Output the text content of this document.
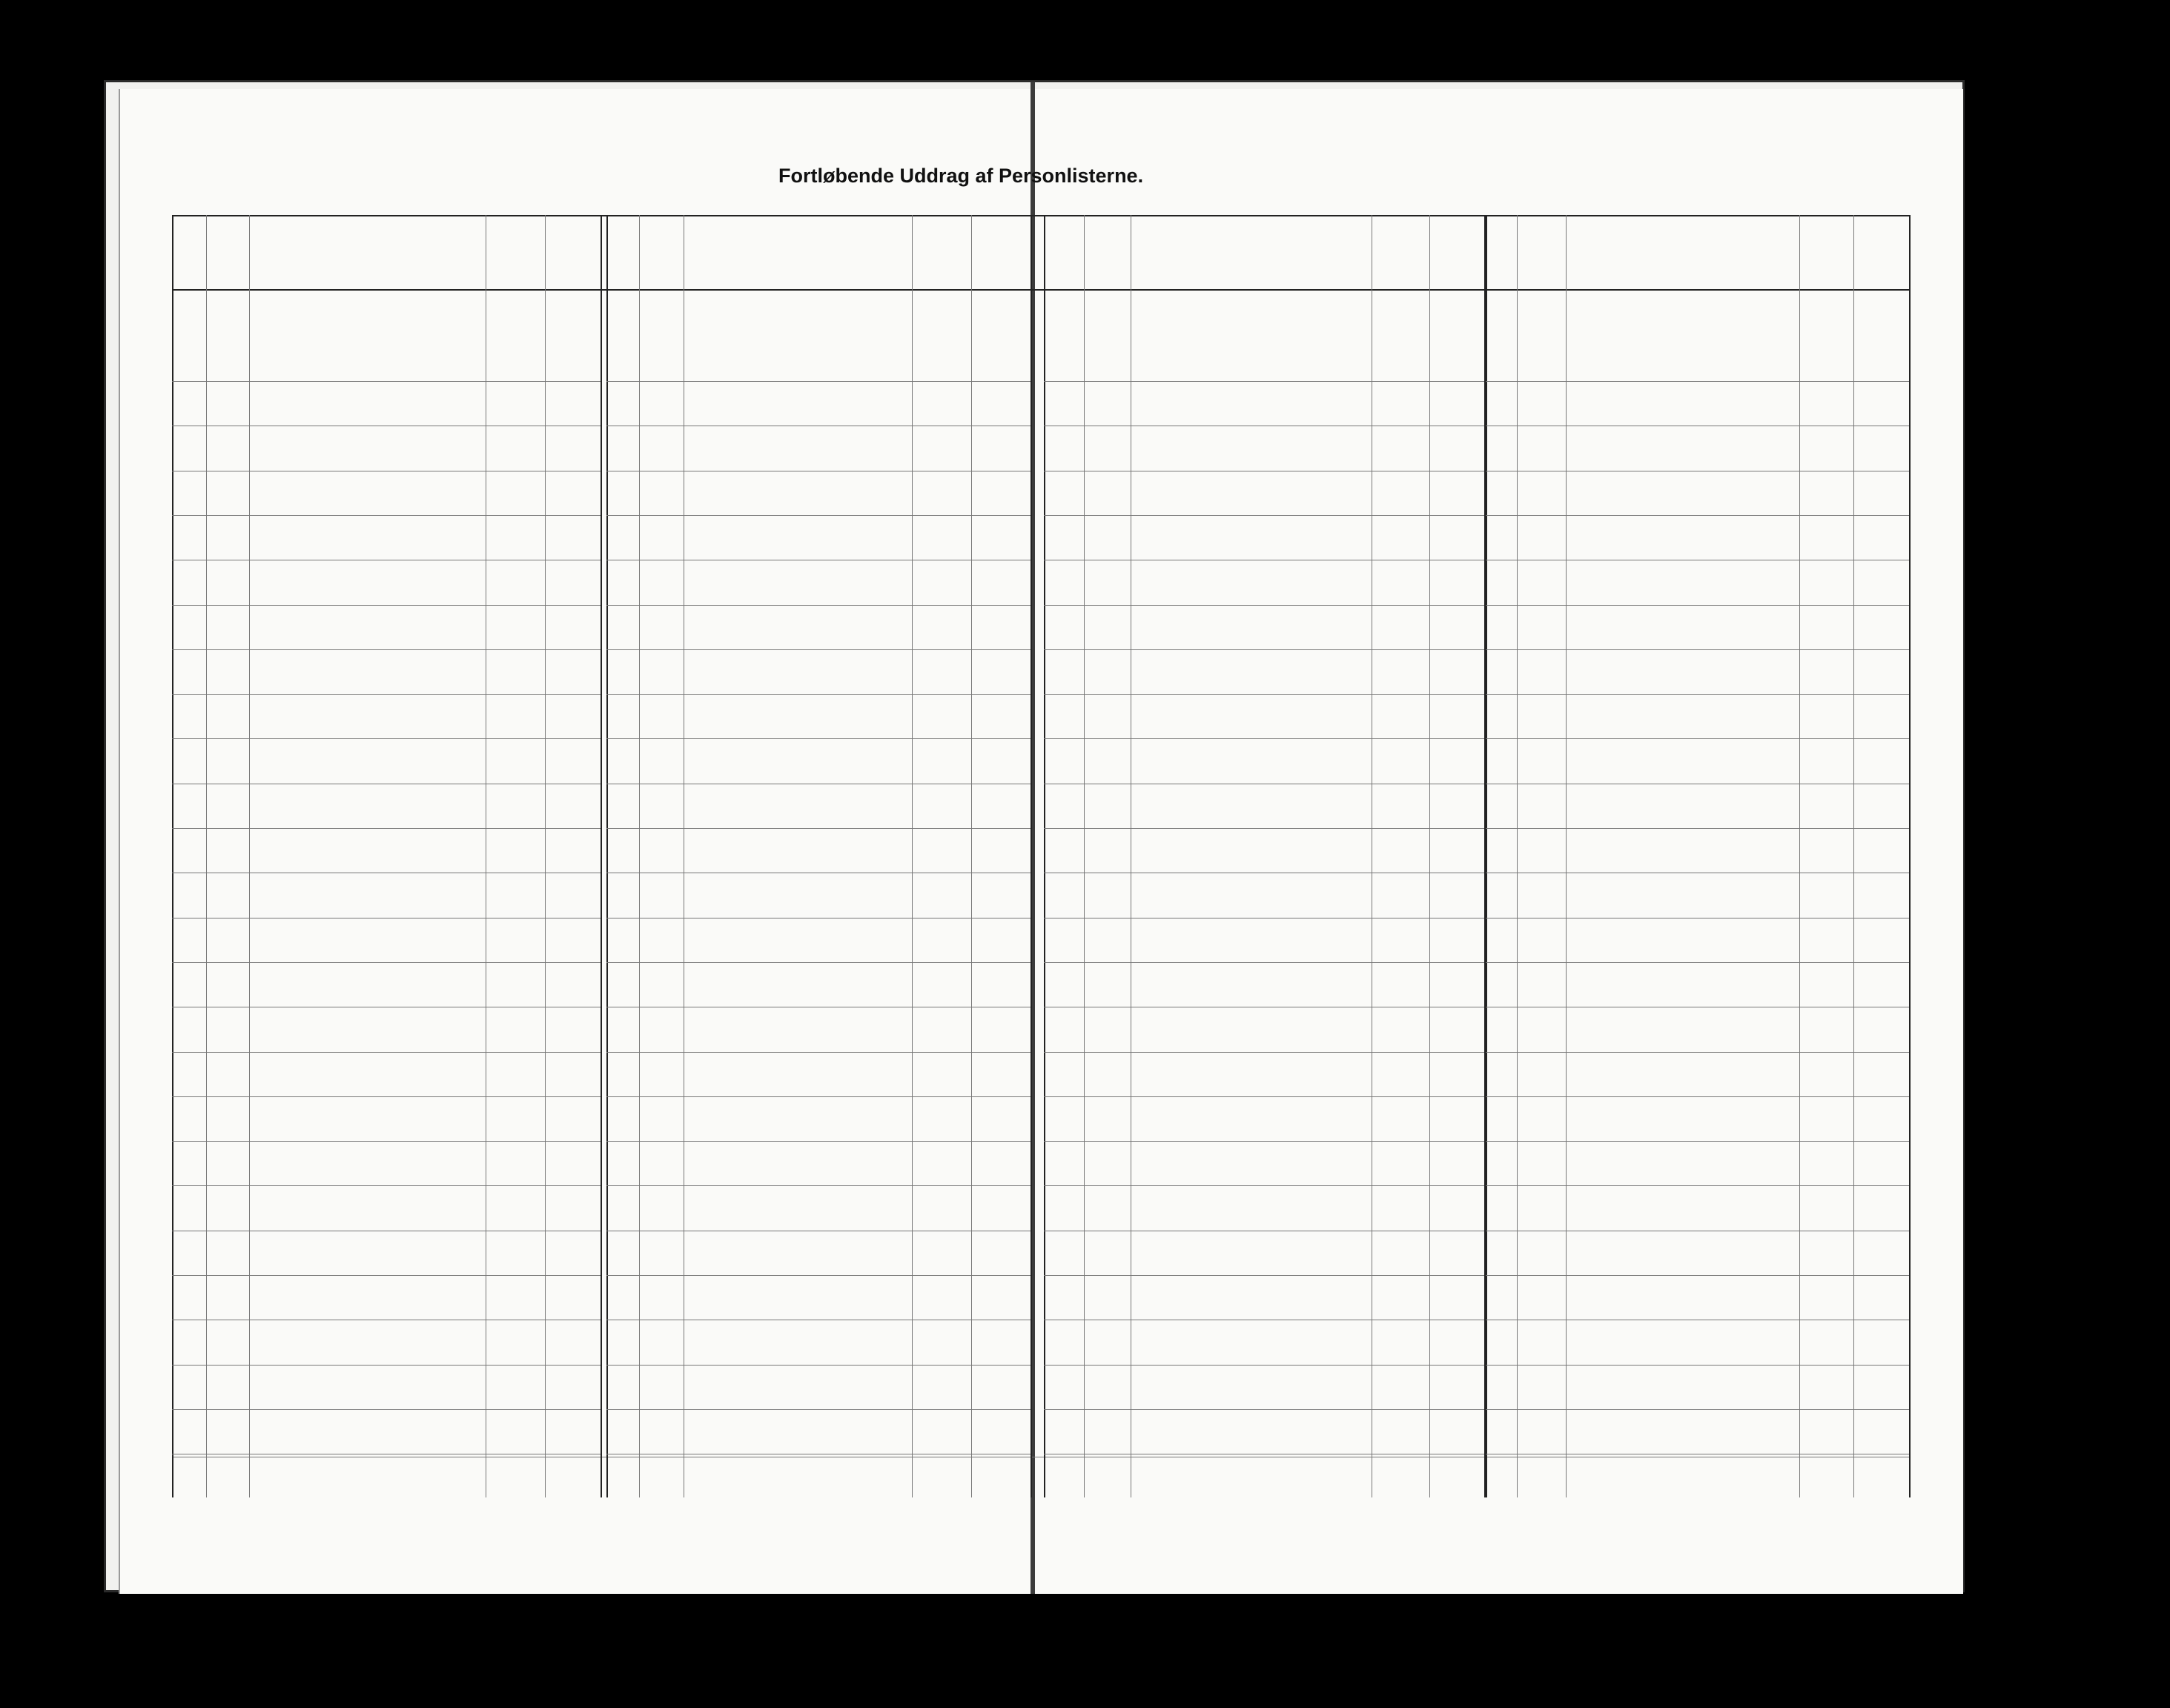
Fortløbende Uddrag af Personlisterne.
